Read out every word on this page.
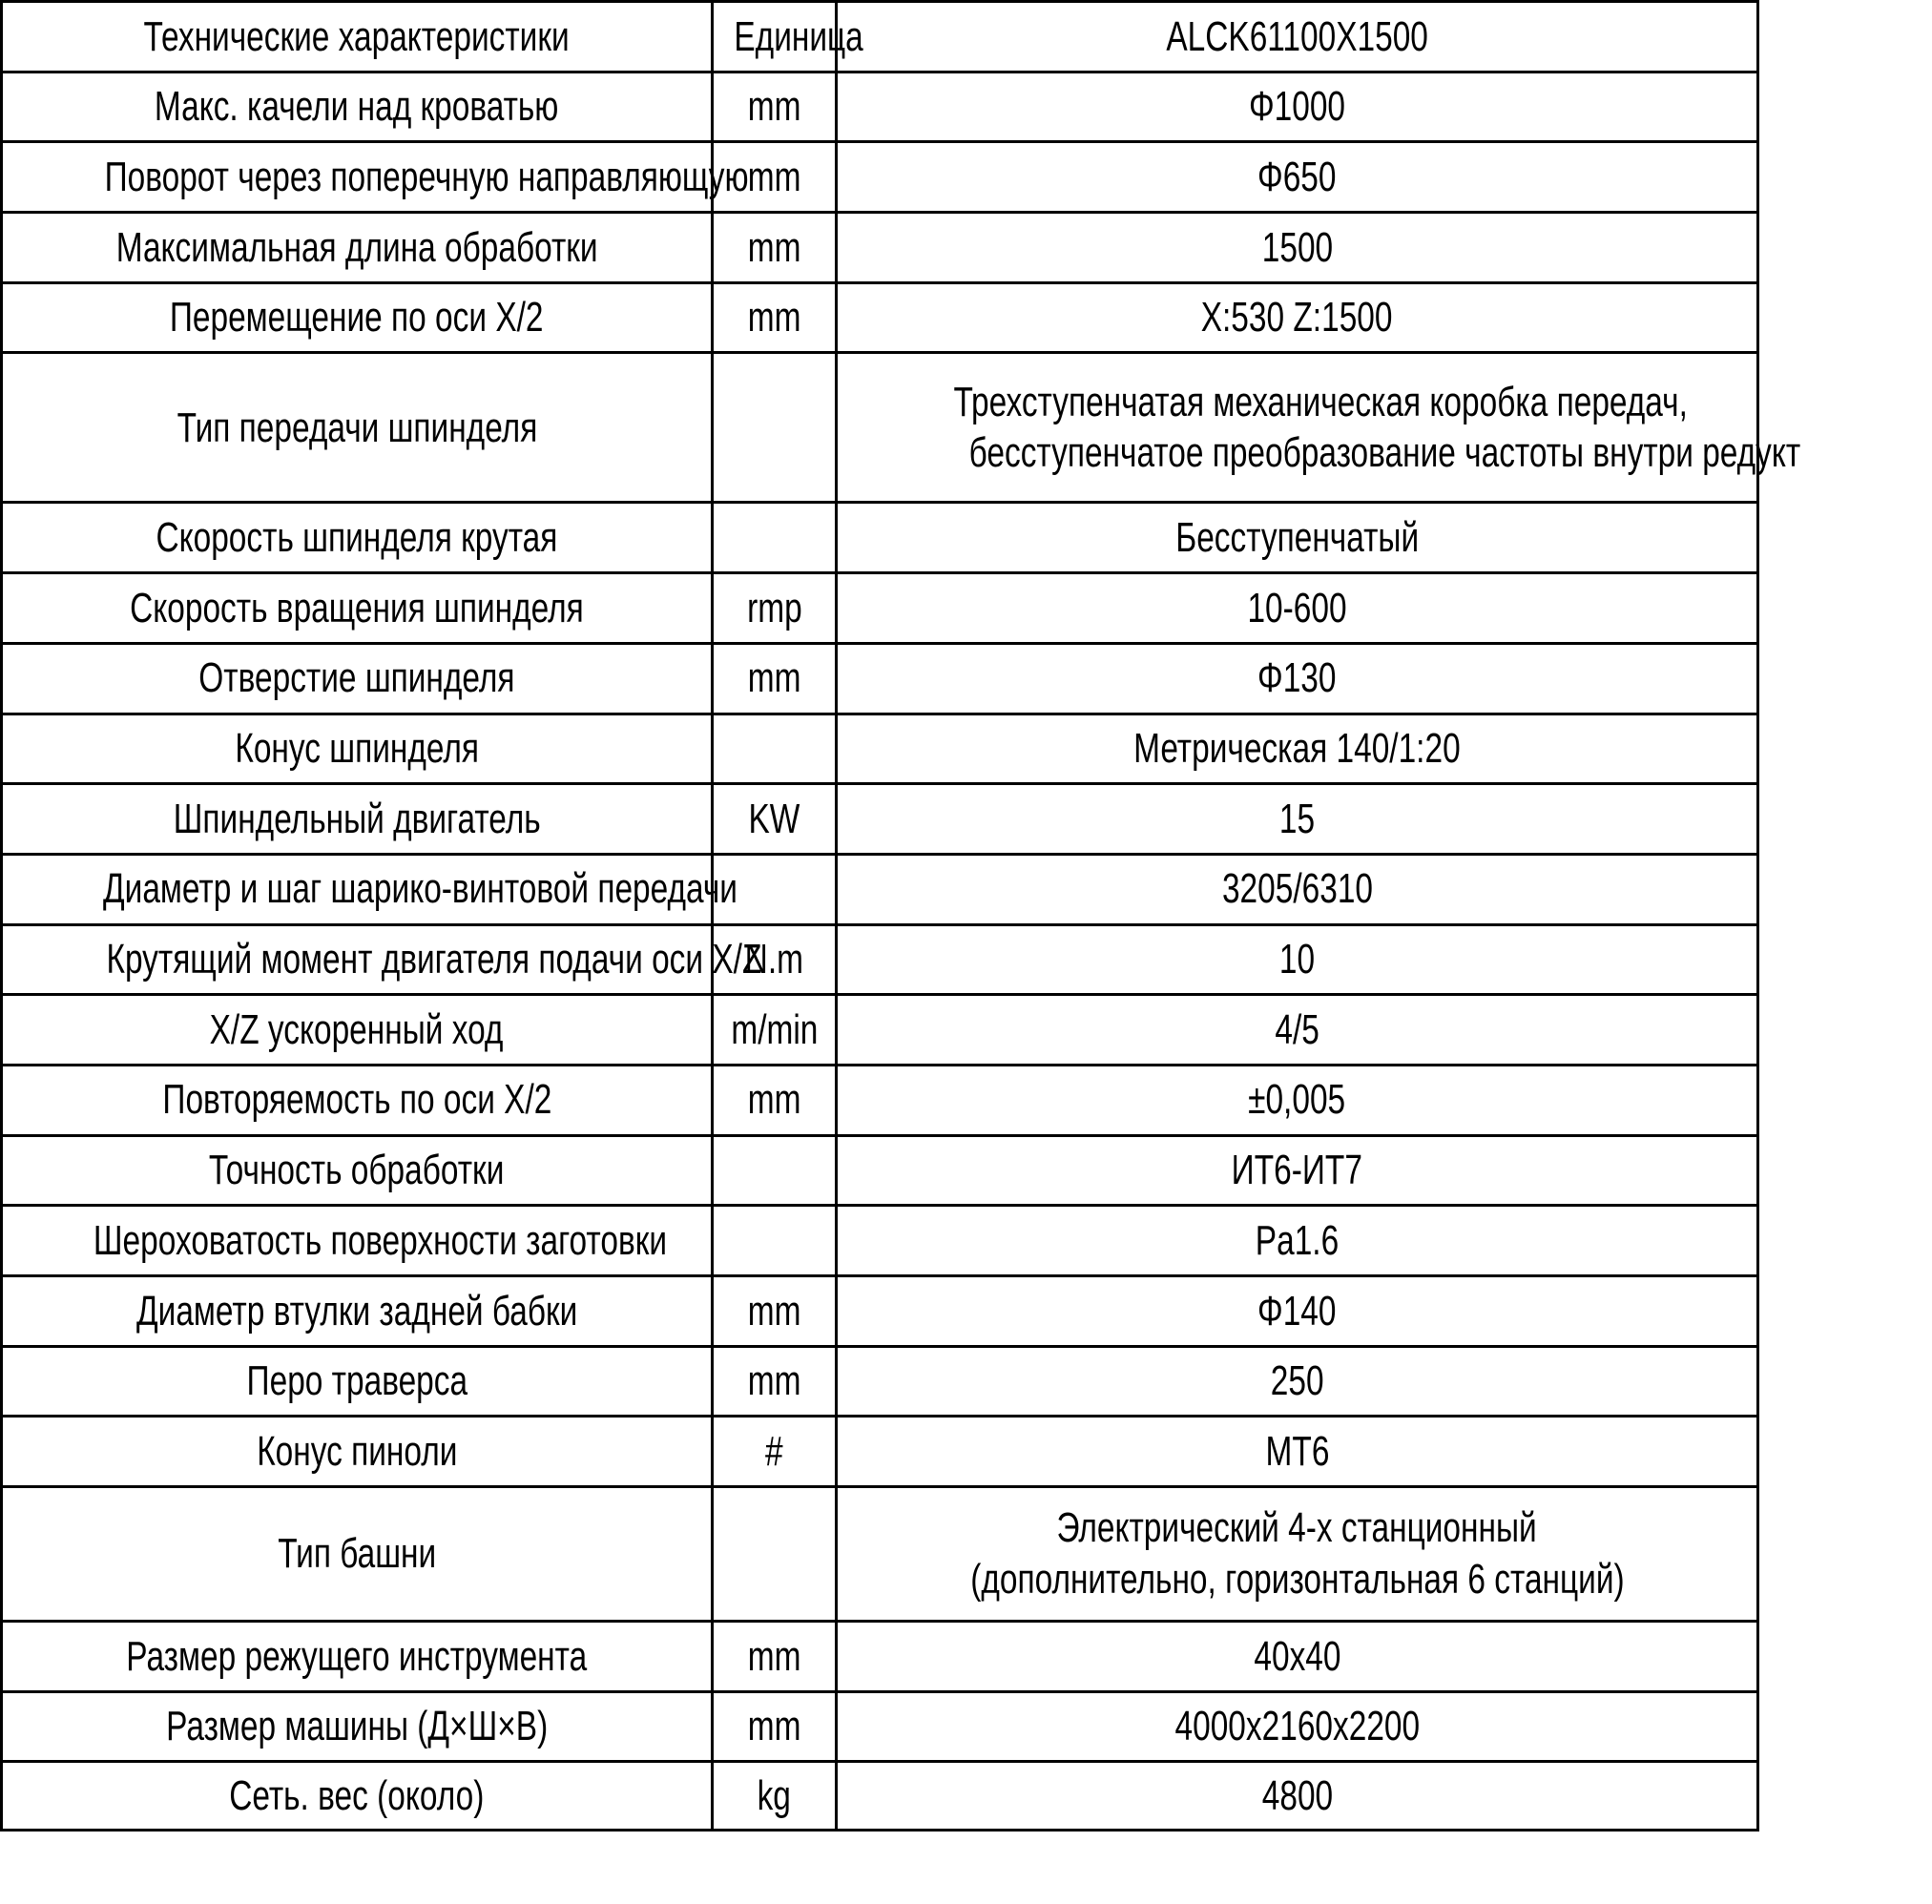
Технические характеристики	Единица	ALCK61100X1500
Макс. качели над кроватью	mm	Φ1000
Поворот через поперечную направляющую	mm	Φ650
Максимальная длина обработки	mm	1500
Перемещение по оси X/2	mm	X:530 Z:1500
Тип передачи шпинделя		Трехступенчатая механическая коробка передач,
бесступенчатое преобразование частоты внутри редукт

Скорость шпинделя крутая		Бесступенчатый
Скорость вращения шпинделя	rmp	10-600
Отверстие шпинделя	mm	Φ130
Конус шпинделя		Метрическая 140/1:20
Шпиндельный двигатель	KW	15
Диаметр и шаг шарико-винтовой передачи		3205/6310
Крутящий момент двигателя подачи оси X/Z	N.m	10
X/Z ускоренный ход	m/min	4/5
Повторяемость по оси X/2	mm	±0,005
Точность обработки		ИТ6-ИТ7
Шероховатость поверхности заготовки		Pa1.6
Диаметр втулки задней бабки	mm	Φ140
Перо траверса	mm	250
Конус пиноли	#	MT6
Тип башни		Электрический 4-х станционный
(дополнительно, горизонтальная 6 станций)

Размер режущего инструмента	mm	40x40
Размер машины (Д×Ш×В)	mm	4000x2160x2200
Сеть. вес (около)	kg	4800
